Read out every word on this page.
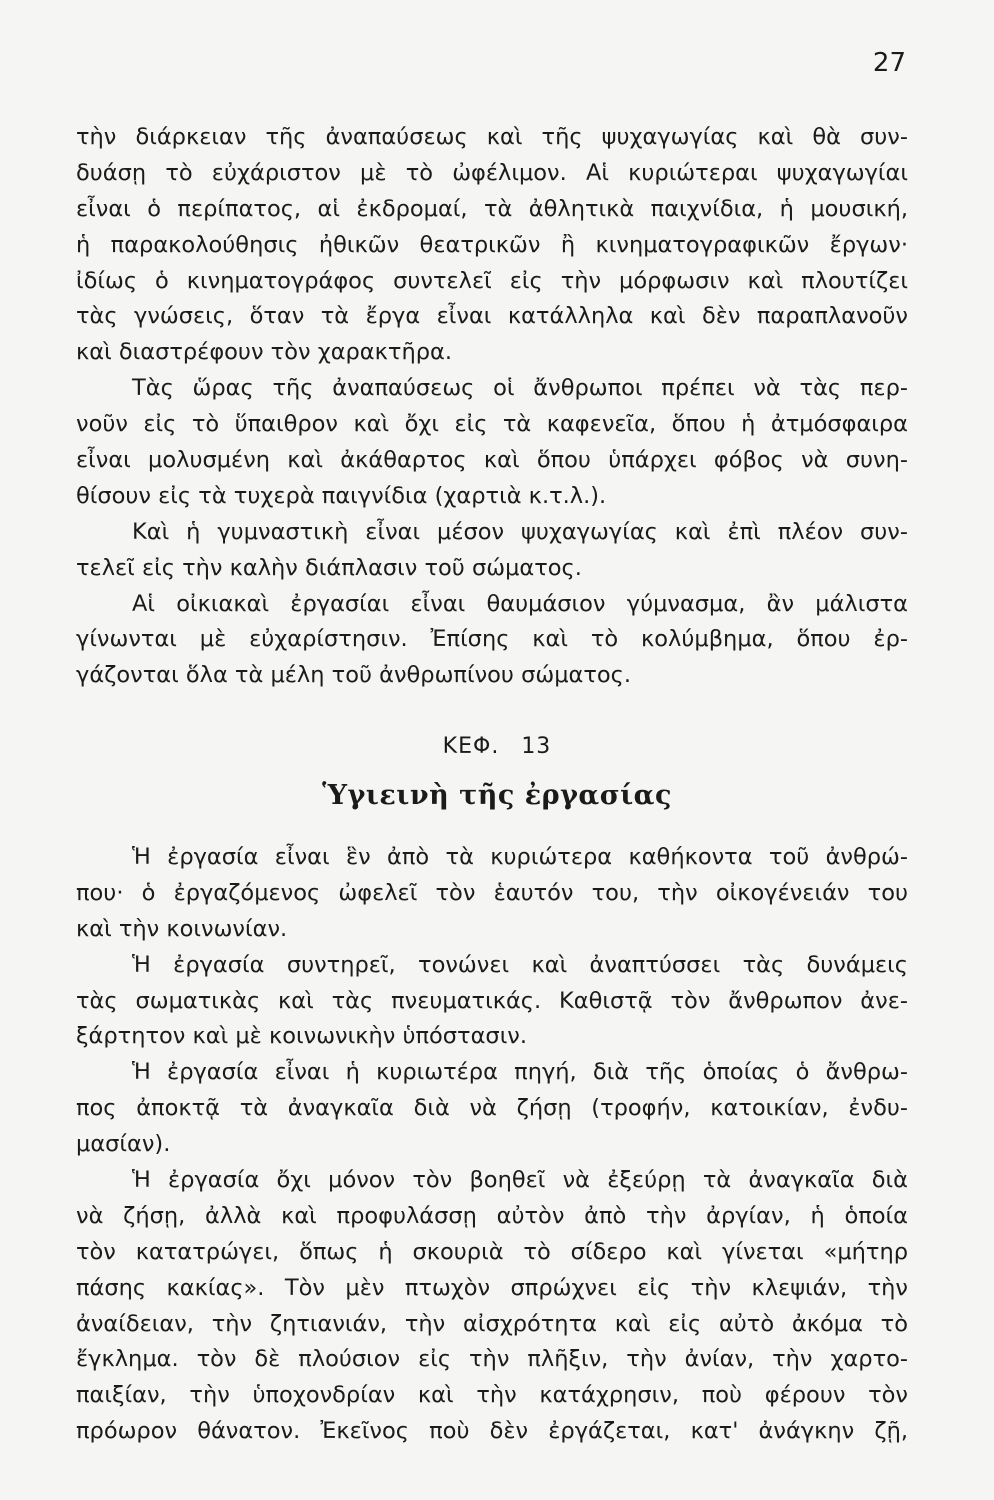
27
τὴν διάρκειαν τῆς ἀναπαύσεως καὶ τῆς ψυχαγωγίας καὶ θὰ συν-
δυάσῃ τὸ εὐχάριστον μὲ τὸ ὠφέλιμον. Αἱ κυριώτεραι ψυχαγωγίαι
εἶναι ὁ περίπατος, αἱ ἐκδρομαί, τὰ ἀθλητικὰ παιχνίδια, ἡ μουσική,
ἡ παρακολούθησις ἠθικῶν θεατρικῶν ἢ κινηματογραφικῶν ἔργων·
ἰδίως ὁ κινηματογράφος συντελεῖ εἰς τὴν μόρφωσιν καὶ πλουτίζει
τὰς γνώσεις, ὅταν τὰ ἔργα εἶναι κατάλληλα καὶ δὲν παραπλανοῦν
καὶ διαστρέφουν τὸν χαρακτῆρα.
Τὰς ὥρας τῆς ἀναπαύσεως οἱ ἄνθρωποι πρέπει νὰ τὰς περ-
νοῦν εἰς τὸ ὕπαιθρον καὶ ὄχι εἰς τὰ καφενεῖα, ὅπου ἡ ἀτμόσφαιρα
εἶναι μολυσμένη καὶ ἀκάθαρτος καὶ ὅπου ὑπάρχει φόβος νὰ συνη-
θίσουν εἰς τὰ τυχερὰ παιγνίδια (χαρτιὰ κ.τ.λ.).
Καὶ ἡ γυμναστικὴ εἶναι μέσον ψυχαγωγίας καὶ ἐπὶ πλέον συν-
τελεῖ εἰς τὴν καλὴν διάπλασιν τοῦ σώματος.
Αἱ οἰκιακαὶ ἐργασίαι εἶναι θαυμάσιον γύμνασμα, ἂν μάλιστα
γίνωνται μὲ εὐχαρίστησιν. Ἐπίσης καὶ τὸ κολύμβημα, ὅπου ἐρ-
γάζονται ὅλα τὰ μέλη τοῦ ἀνθρωπίνου σώματος.
ΚΕΦ. 13
Ὑγιεινὴ τῆς ἐργασίας
Ἡ ἐργασία εἶναι ἓν ἀπὸ τὰ κυριώτερα καθήκοντα τοῦ ἀνθρώ-
που· ὁ ἐργαζόμενος ὠφελεῖ τὸν ἑαυτόν του, τὴν οἰκογένειάν του
καὶ τὴν κοινωνίαν.
Ἡ ἐργασία συντηρεῖ, τονώνει καὶ ἀναπτύσσει τὰς δυνάμεις
τὰς σωματικὰς καὶ τὰς πνευματικάς. Καθιστᾷ τὸν ἄνθρωπον ἀνε-
ξάρτητον καὶ μὲ κοινωνικὴν ὑπόστασιν.
Ἡ ἐργασία εἶναι ἡ κυριωτέρα πηγή, διὰ τῆς ὁποίας ὁ ἄνθρω-
πος ἀποκτᾷ τὰ ἀναγκαῖα διὰ νὰ ζήσῃ (τροφήν, κατοικίαν, ἐνδυ-
μασίαν).
Ἡ ἐργασία ὄχι μόνον τὸν βοηθεῖ νὰ ἐξεύρῃ τὰ ἀναγκαῖα διὰ
νὰ ζήσῃ, ἀλλὰ καὶ προφυλάσσῃ αὐτὸν ἀπὸ τὴν ἀργίαν, ἡ ὁποία
τὸν κατατρώγει, ὅπως ἡ σκουριὰ τὸ σίδερο καὶ γίνεται «μήτηρ
πάσης κακίας». Τὸν μὲν πτωχὸν σπρώχνει εἰς τὴν κλεψιάν, τὴν
ἀναίδειαν, τὴν ζητιανιάν, τὴν αἰσχρότητα καὶ εἰς αὐτὸ ἀκόμα τὸ
ἔγκλημα. τὸν δὲ πλούσιον εἰς τὴν πλῆξιν, τὴν ἀνίαν, τὴν χαρτο-
παιξίαν, τὴν ὑποχονδρίαν καὶ τὴν κατάχρησιν, ποὺ φέρουν τὸν
πρόωρον θάνατον. Ἐκεῖνος ποὺ δὲν ἐργάζεται, κατ' ἀνάγκην ζῇ,
